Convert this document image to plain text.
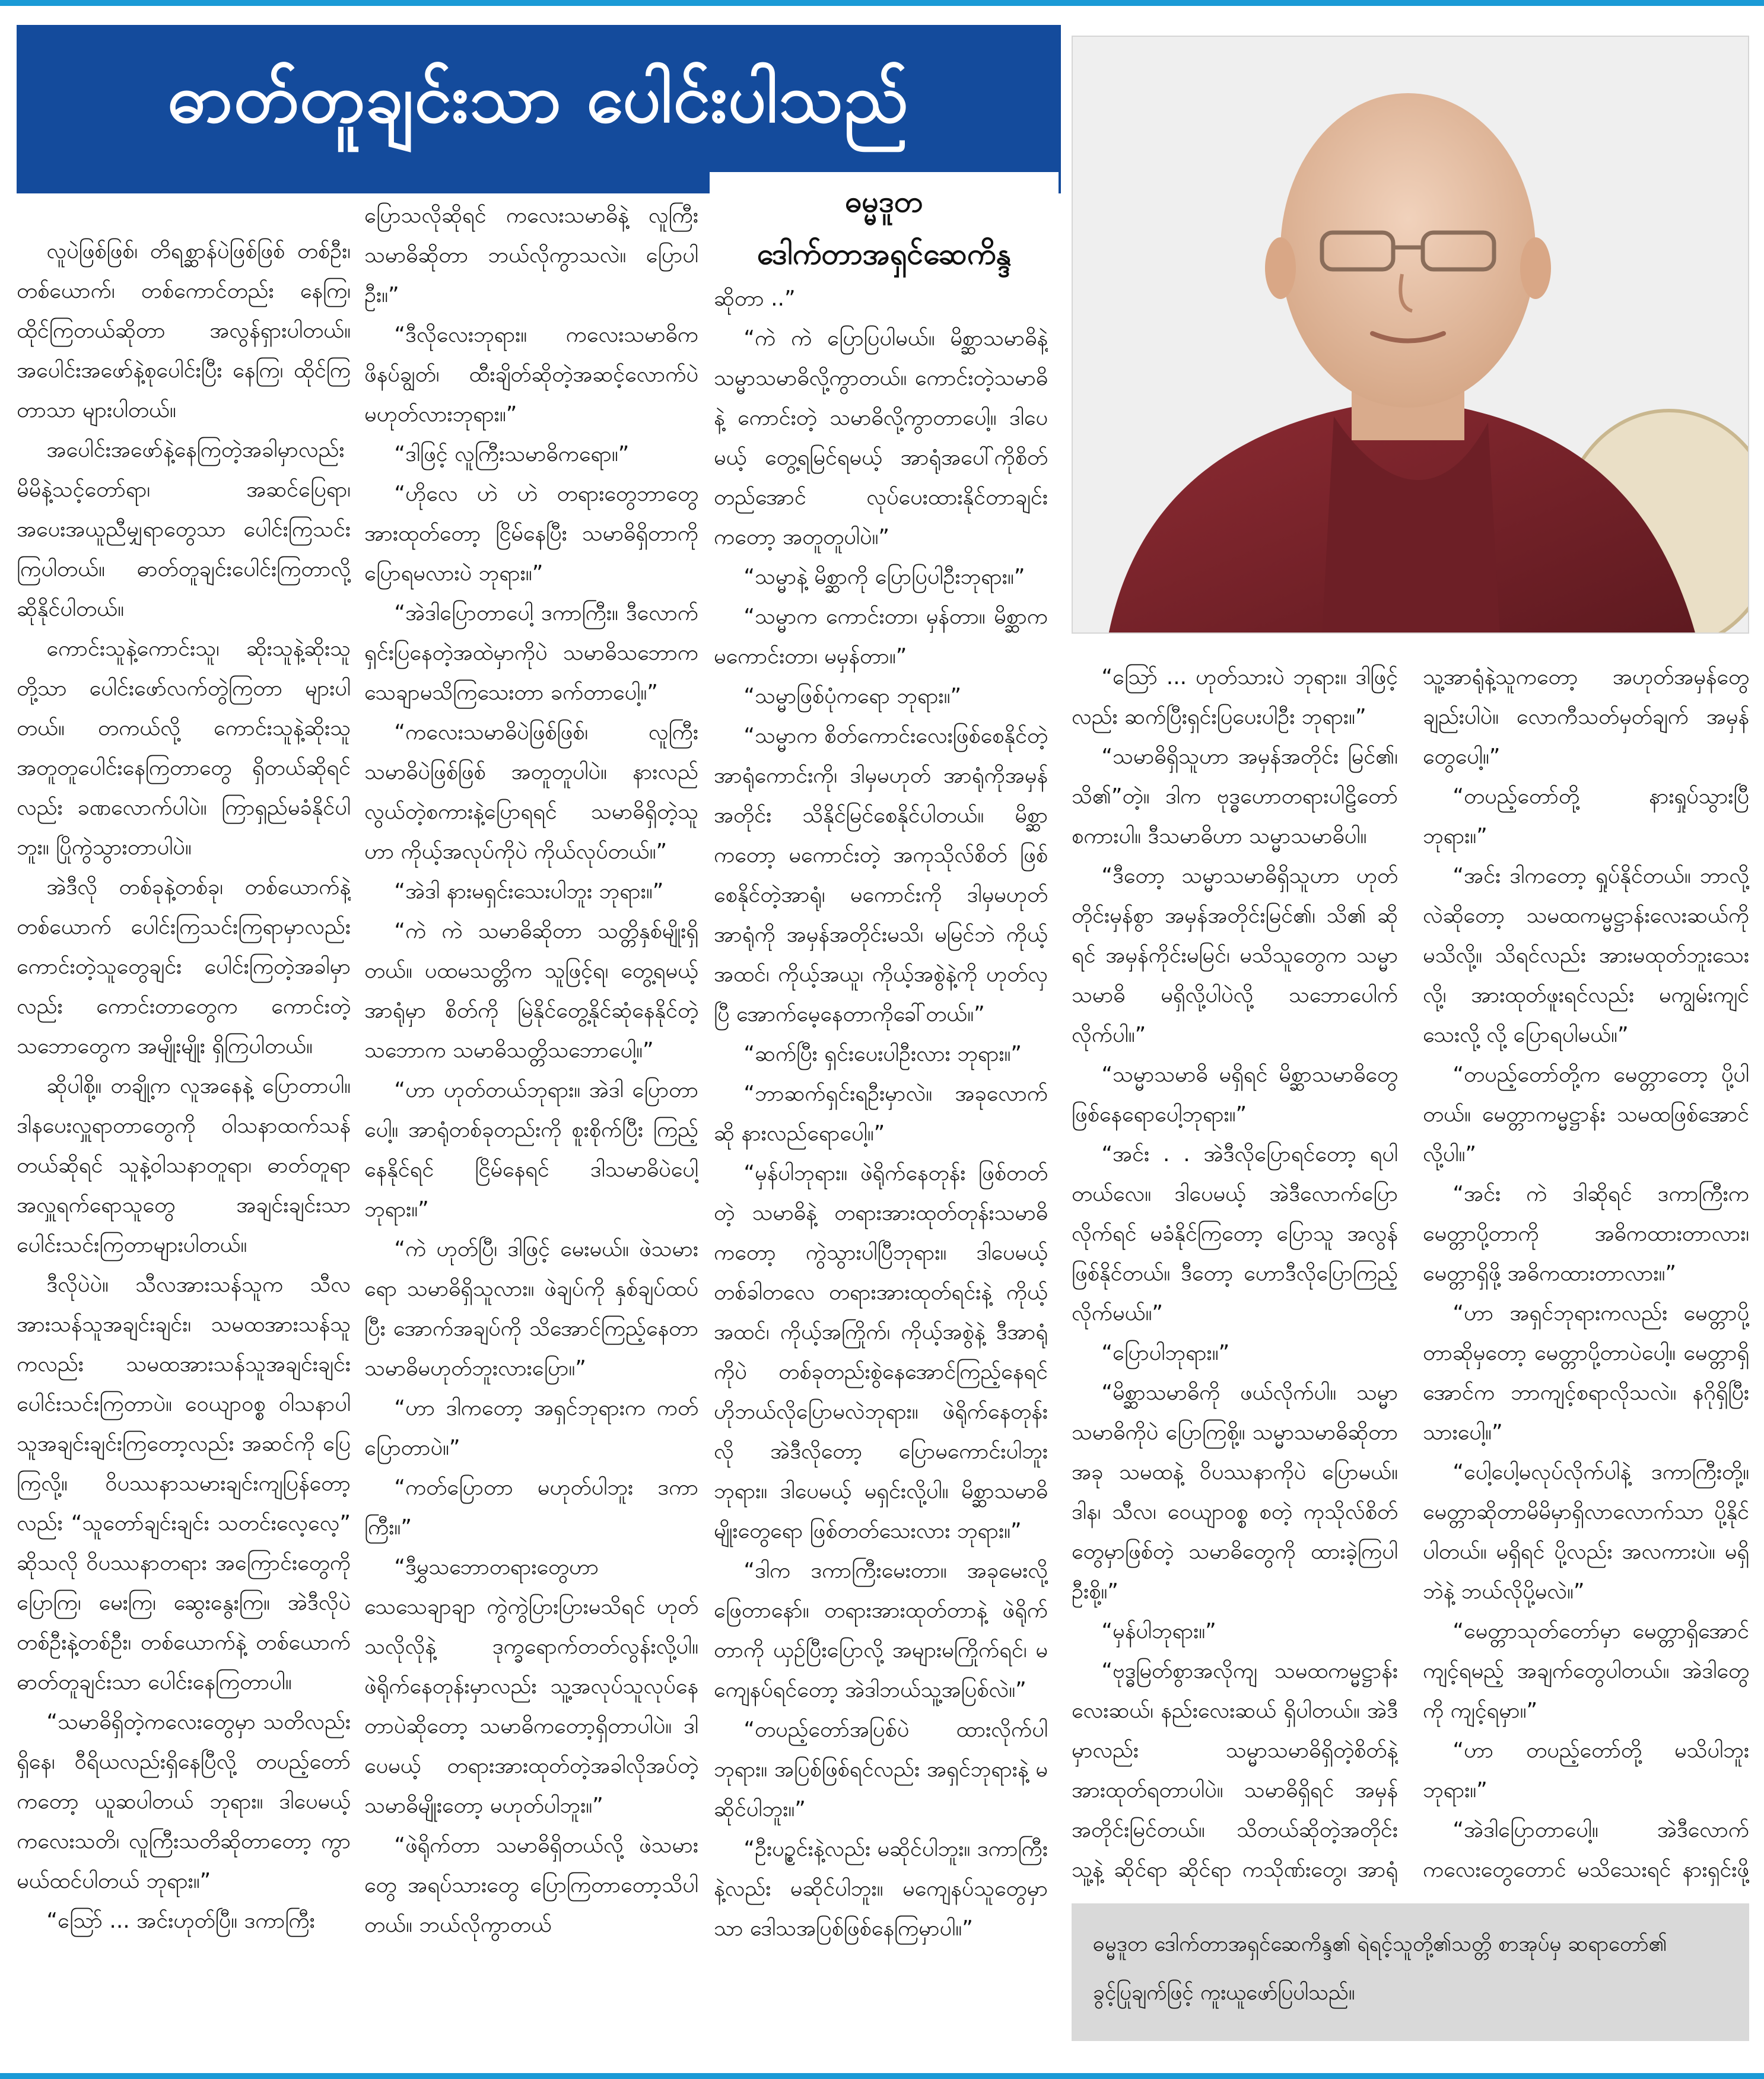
ဓာတ်တူချင်းသာ ပေါင်းပါသည်
ဓမ္မဒူတ
ဒေါက်တာအရှင်ဆေကိန္ဒ

လူပဲဖြစ်ဖြစ်၊ တိရစ္ဆာန်ပဲဖြစ်ဖြစ် တစ်ဦး၊ တစ်ယောက်၊ တစ်ကောင်တည်း နေကြ၊ ထိုင်ကြတယ်ဆိုတာ အလွန်ရှားပါတယ်။ အပေါင်းအဖော်နဲ့စုပေါင်းပြီး နေကြ၊ ထိုင်ကြတာသာ များပါတယ်။

အပေါင်းအဖော်နဲ့နေကြတဲ့အခါမှာလည်း မိမိနဲ့သင့်တော်ရာ၊ အဆင်ပြေရာ၊ အပေးအယူညီမျှရာတွေသာ ပေါင်းကြသင်းကြပါတယ်။ ဓာတ်တူချင်းပေါင်းကြတာလို့ ဆိုနိုင်ပါတယ်။

ကောင်းသူနဲ့ကောင်းသူ၊ ဆိုးသူနဲ့ဆိုးသူတို့သာ ပေါင်းဖော်လက်တွဲကြတာ များပါတယ်။ တကယ်လို့ ကောင်းသူနဲ့ဆိုးသူ အတူတူပေါင်းနေကြတာတွေ ရှိတယ်ဆိုရင်လည်း ခဏလောက်ပါပဲ။ ကြာရှည်မခံနိုင်ပါဘူး။ ပြိုကွဲသွားတာပါပဲ။

အဲဒီလို တစ်ခုနဲ့တစ်ခု၊ တစ်ယောက်နဲ့တစ်ယောက် ပေါင်းကြသင်းကြရာမှာလည်း ကောင်းတဲ့သူတွေချင်း ပေါင်းကြတဲ့အခါမှာလည်း ကောင်းတာတွေက ကောင်းတဲ့သဘောတွေက အမျိုးမျိုး ရှိကြပါတယ်။

ဆိုပါစို့။ တချို့က လူအနေနဲ့ ပြောတာပါ။ ဒါနပေးလှူရာတာတွေကို ဝါသနာထက်သန်တယ်ဆိုရင် သူနဲ့ဝါသနာတူရာ၊ ဓာတ်တူရာ အလှူရက်ရောသူတွေ အချင်းချင်းသာ ပေါင်းသင်းကြတာများပါတယ်။

ဒီလိုပဲပဲ။ သီလအားသန်သူက သီလအားသန်သူအချင်းချင်း၊ သမထအားသန်သူကလည်း သမထအားသန်သူအချင်းချင်း ပေါင်းသင်းကြတာပဲ။ ဝေယျာဝစ္စ ဝါသနာပါသူအချင်းချင်းကြတော့လည်း အဆင်ကို ပြေကြလို့။ ဝိပဿနာသမားချင်းကျပြန်တော့လည်း “သူတော်ချင်းချင်း သတင်းလေ့လေ့” ဆိုသလို ဝိပဿနာတရား အကြောင်းတွေကို ပြောကြ၊ မေးကြ၊ ဆွေးနွေးကြ။ အဲဒီလိုပဲ တစ်ဦးနဲ့တစ်ဦး၊ တစ်ယောက်နဲ့ တစ်ယောက် ဓာတ်တူချင်းသာ ပေါင်းနေကြတာပါ။

“သမာဓိရှိတဲ့ကလေးတွေမှာ သတိလည်းရှိနေ၊ ဝီရိယလည်းရှိနေပြီလို့ တပည့်တော်ကတော့ ယူဆပါတယ် ဘုရား။ ဒါပေမယ့် ကလေးသတိ၊ လူကြီးသတိဆိုတာတော့ ကွာမယ်ထင်ပါတယ် ဘုရား။”

“သြော် ... အင်းဟုတ်ပြီ။ ဒကာကြီး

ပြောသလိုဆိုရင် ကလေးသမာဓိနဲ့ လူကြီးသမာဓိဆိုတာ ဘယ်လိုကွာသလဲ။ ပြောပါဦး။”

“ဒီလိုလေးဘုရား။ ကလေးသမာဓိက ဖိနပ်ချွတ်၊ ထီးချိတ်ဆိုတဲ့အဆင့်လောက်ပဲ မဟုတ်လားဘုရား။”

“ဒါဖြင့် လူကြီးသမာဓိကရော။”

“ဟိုလေ ဟဲ ဟဲ တရားတွေဘာတွေ အားထုတ်တော့ ငြိမ်နေပြီး သမာဓိရှိတာကို ပြောရမလားပဲ ဘုရား။”

“အဲဒါပြောတာပေါ့ ဒကာကြီး။ ဒီလောက် ရှင်းပြနေတဲ့အထဲမှာကိုပဲ သမာဓိသဘောက သေချာမသိကြသေးတာ ခက်တာပေါ့။”

“ကလေးသမာဓိပဲဖြစ်ဖြစ်၊ လူကြီးသမာဓိပဲဖြစ်ဖြစ် အတူတူပါပဲ။ နားလည်လွယ်တဲ့စကားနဲ့ပြောရရင် သမာဓိရှိတဲ့သူဟာ ကိုယ့်အလုပ်ကိုပဲ ကိုယ်လုပ်တယ်။”

“အဲဒါ နားမရှင်းသေးပါဘူး ဘုရား။”

“ကဲ ကဲ သမာဓိဆိုတာ သတ္တိနှစ်မျိုးရှိတယ်။ ပထမသတ္တိက သူဖြင့်ရ၊ တွေ့ရမယ့်အာရုံမှာ စိတ်ကို မြဲနိုင်တွေ့နိုင်ဆုံနေနိုင်တဲ့သဘောက သမာဓိသတ္တိသဘောပေါ့။”

“ဟာ ဟုတ်တယ်ဘုရား။ အဲဒါ ပြောတာပေါ့။ အာရုံတစ်ခုတည်းကို စူးစိုက်ပြီး ကြည့်နေနိုင်ရင် ငြိမ်နေရင် ဒါသမာဓိပဲပေါ့ ဘုရား။”

“ကဲ ဟုတ်ပြီ၊ ဒါဖြင့် မေးမယ်။ ဖဲသမားရော သမာဓိရှိသူလား။ ဖဲချပ်ကို နှစ်ချပ်ထပ်ပြီး အောက်အချပ်ကို သိအောင်ကြည့်နေတာ သမာဓိမဟုတ်ဘူးလားပြော။”

“ဟာ ဒါကတော့ အရှင်ဘုရားက ကတ်ပြောတာပဲ။”

“ကတ်ပြောတာ မဟုတ်ပါဘူး ဒကာကြီး။”

“ဒီမွှသဘောတရားတွေဟာ သေသေချာချာ ကွဲကွဲပြားပြားမသိရင် ဟုတ်သလိုလိုနဲ့ ဒုက္ခရောက်တတ်လွန်းလို့ပါ။ ဖဲရိုက်နေတုန်းမှာလည်း သူ့အလုပ်သူလုပ်နေတာပဲဆိုတော့ သမာဓိကတော့ရှိတာပါပဲ။ ဒါပေမယ့် တရားအားထုတ်တဲ့အခါလိုအပ်တဲ့ သမာဓိမျိုးတော့ မဟုတ်ပါဘူး။”

“ဖဲရိုက်တာ သမာဓိရှိတယ်လို့ ဖဲသမားတွေ အရပ်သားတွေ ပြောကြတာတော့သိပါတယ်။ ဘယ်လိုကွာတယ်

ဆိုတာ ..”

“ကဲ ကဲ ပြောပြပါမယ်။ မိစ္ဆာသမာဓိနဲ့ သမ္မာသမာဓိလို့ကွာတယ်။ ကောင်းတဲ့သမာဓိနဲ့ ကောင်းတဲ့ သမာဓိလို့ကွာတာပေါ့။ ဒါပေမယ့် တွေ့ရမြင်ရမယ့် အာရုံအပေါ်ကိုစိတ်တည်အောင် လုပ်ပေးထားနိုင်တာချင်းကတော့ အတူတူပါပဲ။”

“သမ္မာနဲ့ မိစ္ဆာကို ပြောပြပါဦးဘုရား။”

“သမ္မာက ကောင်းတာ၊ မှန်တာ။ မိစ္ဆာက မကောင်းတာ၊ မမှန်တာ။”

“သမ္မာဖြစ်ပုံကရော ဘုရား။”

“သမ္မာက စိတ်ကောင်းလေးဖြစ်စေနိုင်တဲ့ အာရုံကောင်းကို၊ ဒါမှမဟုတ် အာရုံကိုအမှန်အတိုင်း သိနိုင်မြင်စေနိုင်ပါတယ်။ မိစ္ဆာကတော့ မကောင်းတဲ့ အကုသိုလ်စိတ် ဖြစ်စေနိုင်တဲ့အာရုံ၊ မကောင်းကို ဒါမှမဟုတ် အာရုံကို အမှန်အတိုင်းမသိ၊ မမြင်ဘဲ ကိုယ့်အထင်၊ ကိုယ့်အယူ၊ ကိုယ့်အစွဲနဲ့ကို ဟုတ်လှပြီ အောက်မေ့နေတာကိုခေါ်တယ်။”

“ဆက်ပြီး ရှင်းပေးပါဦးလား ဘုရား။”

“ဘာဆက်ရှင်းရဦးမှာလဲ။ အခုလောက်ဆို နားလည်ရောပေါ့။”

“မှန်ပါဘုရား။ ဖဲရိုက်နေတုန်း ဖြစ်တတ်တဲ့ သမာဓိနဲ့ တရားအားထုတ်တုန်းသမာဓိကတော့ ကွဲသွားပါပြီဘုရား။ ဒါပေမယ့် တစ်ခါတလေ တရားအားထုတ်ရင်းနဲ့ ကိုယ့်အထင်၊ ကိုယ့်အကြိုက်၊ ကိုယ့်အစွဲနဲ့ ဒီအာရုံကိုပဲ တစ်ခုတည်းစွဲနေအောင်ကြည့်နေရင် ဟိုဘယ်လိုပြောမလဲဘုရား။ ဖဲရိုက်နေတုန်းလို အဲဒီလိုတော့ ပြောမကောင်းပါဘူး ဘုရား။ ဒါပေမယ့် မရှင်းလို့ပါ။ မိစ္ဆာသမာဓိမျိုးတွေရော ဖြစ်တတ်သေးလား ဘုရား။”

“ဒါက ဒကာကြီးမေးတာ။ အခုမေးလို့ ဖြေတာနော်။ တရားအားထုတ်တာနဲ့ ဖဲရိုက်တာကို ယှဉ်ပြီးပြောလို့ အများမကြိုက်ရင်၊ မကျေနပ်ရင်တော့ အဲဒါဘယ်သူ့အပြစ်လဲ။”

“တပည့်တော်အပြစ်ပဲ ထားလိုက်ပါဘုရား။ အပြစ်ဖြစ်ရင်လည်း အရှင်ဘုရားနဲ့ မဆိုင်ပါဘူး။”

“ဦးပဥ္စင်းနဲ့လည်း မဆိုင်ပါဘူး။ ဒကာကြီးနဲ့လည်း မဆိုင်ပါဘူး။ မကျေနပ်သူတွေမှာသာ ဒေါသအပြစ်ဖြစ်နေကြမှာပါ။”

“သြော် ... ဟုတ်သားပဲ ဘုရား။ ဒါဖြင့်လည်း ဆက်ပြီးရှင်းပြပေးပါဦး ဘုရား။”

“သမာဓိရှိသူဟာ အမှန်အတိုင်း မြင်၏၊ သိ၏”တဲ့။ ဒါက ဗုဒ္ဓဟောတရားပါဠိတော်စကားပါ။ ဒီသမာဓိဟာ သမ္မာသမာဓိပါ။

“ဒီတော့ သမ္မာသမာဓိရှိသူဟာ ဟုတ်တိုင်းမှန်စွာ အမှန်အတိုင်းမြင်၏၊ သိ၏ ဆိုရင် အမှန်ကိုင်းမမြင်၊ မသိသူတွေက သမ္မာသမာဓိ မရှိလို့ပါပဲလို့ သဘောပေါက်လိုက်ပါ။”

“သမ္မာသမာဓိ မရှိရင် မိစ္ဆာသမာဓိတွေဖြစ်နေရောပေါ့ဘုရား။”

“အင်း . . အဲဒီလိုပြောရင်တော့ ရပါတယ်လေ။ ဒါပေမယ့် အဲဒီလောက်ပြောလိုက်ရင် မခံနိုင်ကြတော့ ပြောသူ အလွန်ဖြစ်နိုင်တယ်။ ဒီတော့ ဟောဒီလိုပြောကြည့်လိုက်မယ်။”

“ပြောပါဘုရား။”

“မိစ္ဆာသမာဓိကို ဖယ်လိုက်ပါ။ သမ္မာသမာဓိကိုပဲ ပြောကြစို့။ သမ္မာသမာဓိဆိုတာ အခု သမထနဲ့ ဝိပဿနာကိုပဲ ပြောမယ်။ ဒါန၊ သီလ၊ ဝေယျာဝစ္စ စတဲ့ ကုသိုလ်စိတ်တွေမှာဖြစ်တဲ့ သမာဓိတွေကို ထားခဲ့ကြပါဦးစို့။”

“မှန်ပါဘုရား။”

“ဗုဒ္ဓမြတ်စွာအလိုကျ သမထကမ္မဋ္ဌာန်း လေးဆယ်၊ နည်းလေးဆယ် ရှိပါတယ်။ အဲဒီမှာလည်း သမ္မာသမာဓိရှိတဲ့စိတ်နဲ့ အားထုတ်ရတာပါပဲ။ သမာဓိရှိရင် အမှန်အတိုင်းမြင်တယ်။ သိတယ်ဆိုတဲ့အတိုင်း သူ့နဲ့ ဆိုင်ရာ ဆိုင်ရာ ကသိုဏ်းတွေ၊ အာရုံ

သူ့အာရုံနဲ့သူကတော့ အဟုတ်အမှန်တွေ ချည်းပါပဲ။ လောကီသတ်မှတ်ချက် အမှန်တွေပေါ့။”

“တပည့်တော်တို့ နားရှုပ်သွားပြီ ဘုရား။”

“အင်း ဒါကတော့ ရှုပ်နိုင်တယ်။ ဘာလို့လဲဆိုတော့ သမထကမ္မဋ္ဌာန်းလေးဆယ်ကို မသိလို့။ သိရင်လည်း အားမထုတ်ဘူးသေးလို့၊ အားထုတ်ဖူးရင်လည်း မကျွမ်းကျင်သေးလို့ လို့ ပြောရပါမယ်။”

“တပည့်တော်တို့က မေတ္တာတော့ ပို့ပါတယ်။ မေတ္တာကမ္မဋ္ဌာန်း သမထဖြစ်အောင်လို့ပါ။”

“အင်း ကဲ ဒါဆိုရင် ဒကာကြီးက မေတ္တာပို့တာကို အဓိကထားတာလား၊ မေတ္တာရှိဖို့ အဓိကထားတာလား။”

“ဟာ အရှင်ဘုရားကလည်း မေတ္တာပို့တာဆိုမှတော့ မေတ္တာပို့တာပဲပေါ့။ မေတ္တာရှိအောင်က ဘာကျင့်စရာလိုသလဲ။ နဂိုရှိပြီးသားပေါ့။”

“ပေါ့ပေါ့မလုပ်လိုက်ပါနဲ့ ဒကာကြီးတို့။ မေတ္တာဆိုတာမိမိမှာရှိလာလောက်သာ ပို့နိုင်ပါတယ်။ မရှိရင် ပို့လည်း အလကားပဲ။ မရှိဘဲနဲ့ ဘယ်လိုပို့မလဲ။”

“မေတ္တာသုတ်တော်မှာ မေတ္တာရှိအောင်ကျင့်ရမည့် အချက်တွေပါတယ်။ အဲဒါတွေကို ကျင့်ရမှာ။”

“ဟာ တပည့်တော်တို့ မသိပါဘူး ဘုရား။”

“အဲဒါပြောတာပေါ့။ အဲဒီလောက် ကလေးတွေတောင် မသိသေးရင် နားရှင်းဖို့

ဓမ္မဒူတ ဒေါက်တာအရှင်ဆေကိန္ဒ၏ ရဲရင့်သူတို့၏သတ္တိ စာအုပ်မှ ဆရာတော်၏ ခွင့်ပြုချက်ဖြင့် ကူးယူဖော်ပြပါသည်။
